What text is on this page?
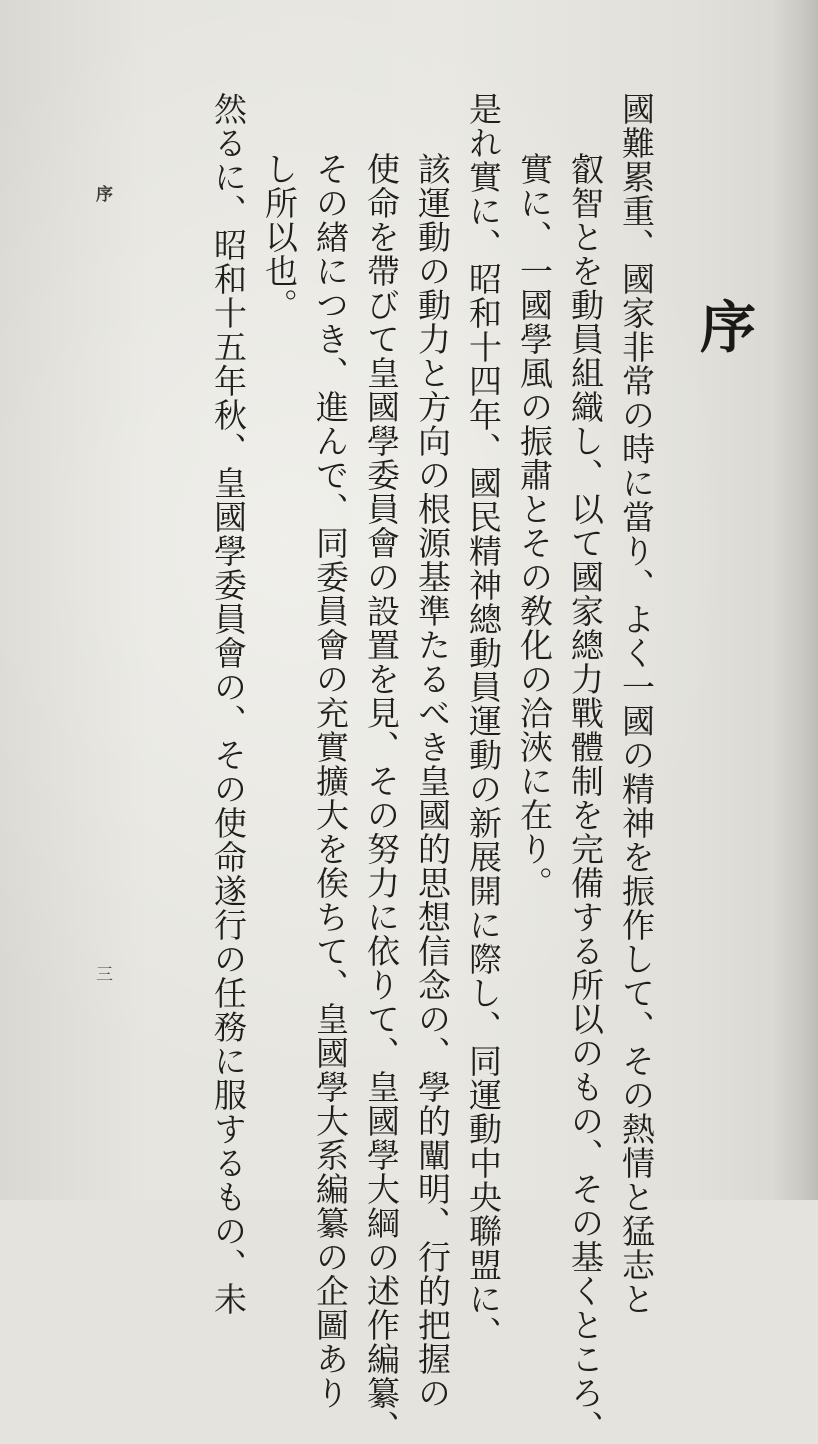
序
國難累重、國家非常の時に當り、よく一國の精神を振作して、その熱情と猛志と
叡智とを動員組織し、以て國家總力戰體制を完備する所以のもの、その基くところ、
實に、一國學風の振肅とその敎化の洽浹に在り。
是れ實に、昭和十四年、國民精神總動員運動の新展開に際し、同運動中央聯盟に、
該運動の動力と方向の根源基準たるべき皇國的思想信念の、學的闡明、行的把握の
使命を帶びて皇國學委員會の設置を見、その努力に依りて、皇國學大綱の述作編纂、
その緖につき、進んで、同委員會の充實擴大を俟ちて、皇國學大系編纂の企圖あり
し所以也。
然るに、昭和十五年秋、皇國學委員會の、その使命遂行の任務に服するもの、未
序
三
